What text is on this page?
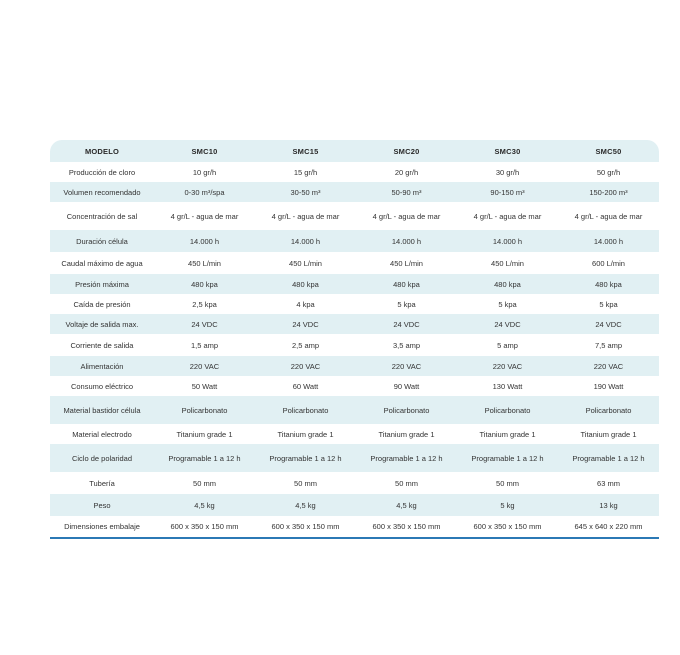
MODELO	SMC10	SMC15	SMC20	SMC30	SMC50
Producción de cloro	10 gr/h	15 gr/h	20 gr/h	30 gr/h	50 gr/h
Volumen recomendado	0-30 m³/spa	30-50 m³	50-90 m³	90-150 m³	150-200 m³
Concentración de sal	4 gr/L - agua de mar	4 gr/L - agua de mar	4 gr/L - agua de mar	4 gr/L - agua de mar	4 gr/L - agua de mar
Duración célula	14.000 h	14.000 h	14.000 h	14.000 h	14.000 h
Caudal máximo de agua	450 L/min	450 L/min	450 L/min	450 L/min	600 L/min
Presión máxima	480 kpa	480 kpa	480 kpa	480 kpa	480 kpa
Caída de presión	2,5 kpa	4 kpa	5 kpa	5 kpa	5 kpa
Voltaje de salida max.	24 VDC	24 VDC	24 VDC	24 VDC	24 VDC
Corriente de salida	1,5 amp	2,5 amp	3,5 amp	5 amp	7,5 amp
Alimentación	220 VAC	220 VAC	220 VAC	220 VAC	220 VAC
Consumo eléctrico	50 Watt	60 Watt	90 Watt	130 Watt	190 Watt
Material bastidor célula	Policarbonato	Policarbonato	Policarbonato	Policarbonato	Policarbonato
Material electrodo	Titanium grade 1	Titanium grade 1	Titanium grade 1	Titanium grade 1	Titanium grade 1
Ciclo de polaridad	Programable 1 a 12 h	Programable 1 a 12 h	Programable 1 a 12 h	Programable 1 a 12 h	Programable 1 a 12 h
Tubería	50 mm	50 mm	50 mm	50 mm	63 mm
Peso	4,5 kg	4,5 kg	4,5 kg	5 kg	13 kg
Dimensiones embalaje	600 x 350 x 150 mm	600 x 350 x 150 mm	600 x 350 x 150 mm	600 x 350 x 150 mm	645 x 640 x 220 mm
